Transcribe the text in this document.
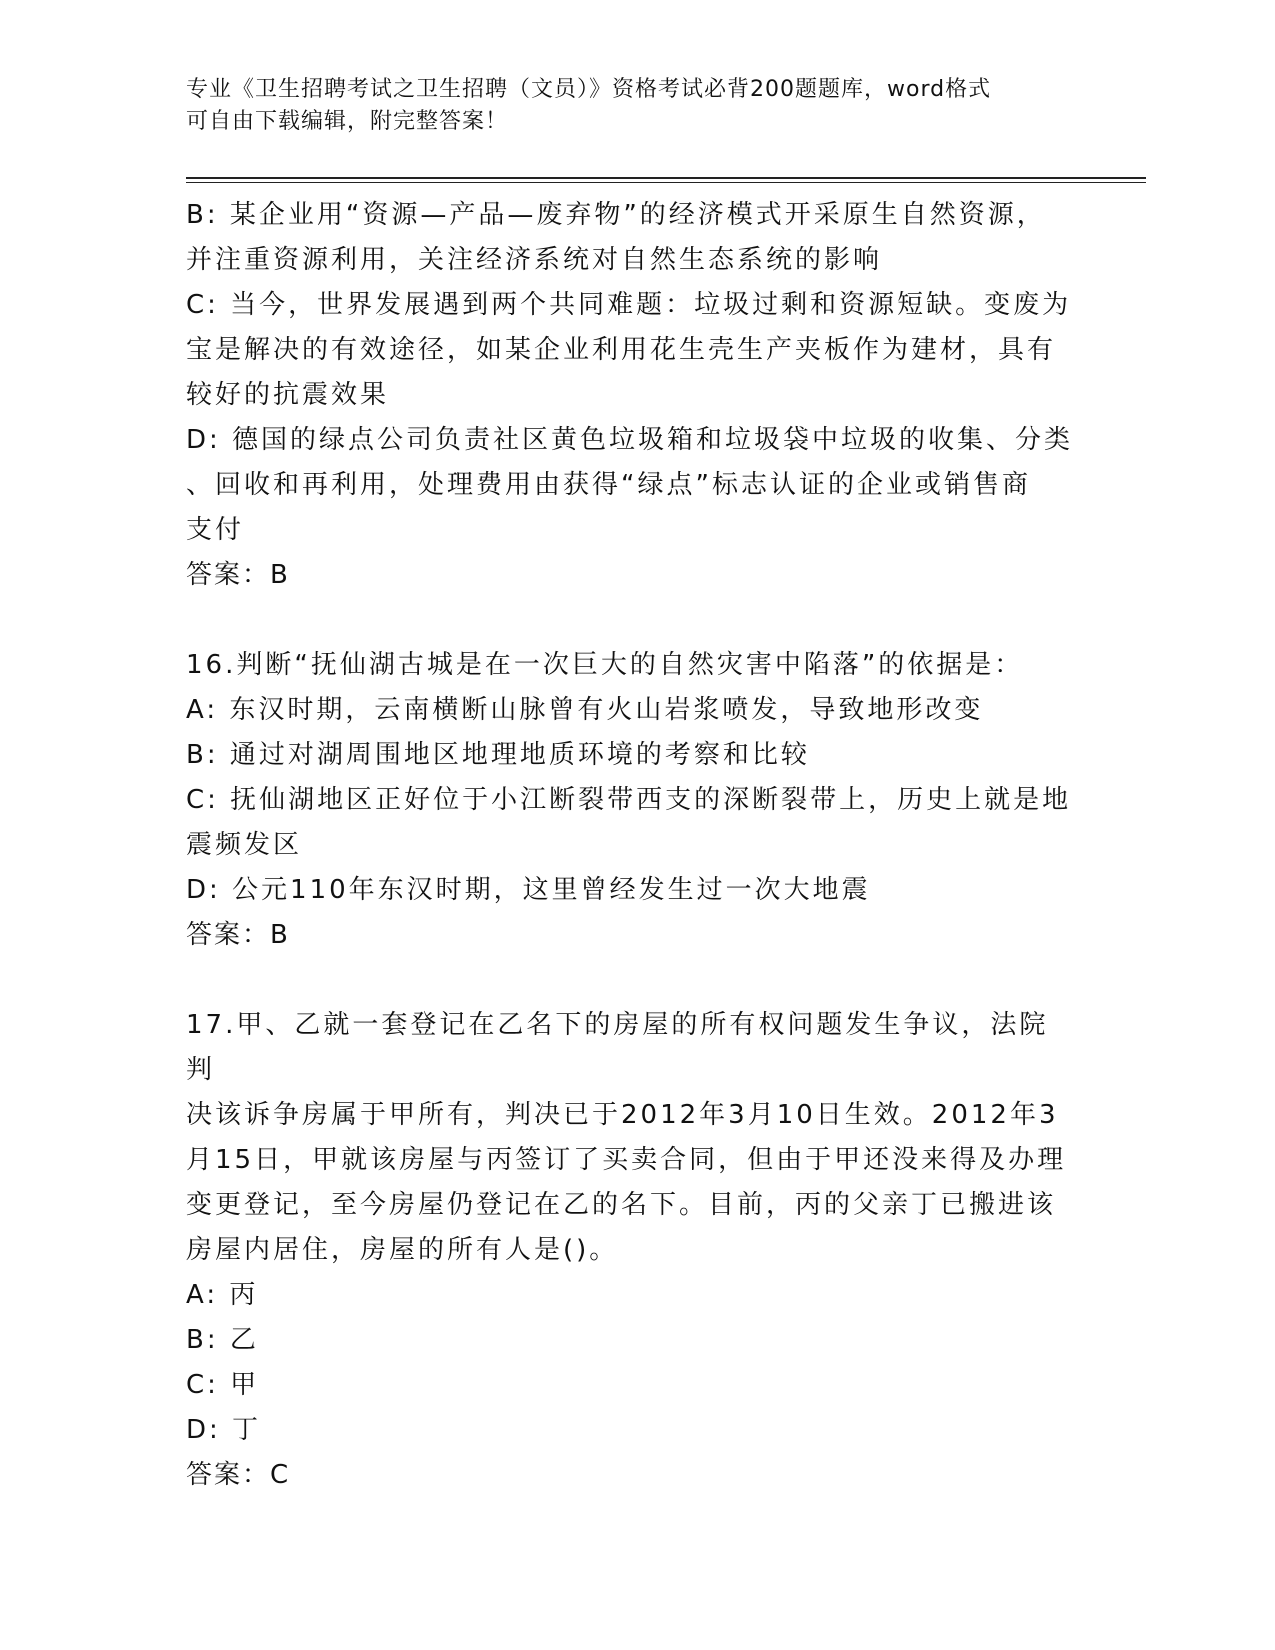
专业《卫生招聘考试之卫生招聘（文员）》资格考试必背200题题库，word格式
可自由下载编辑，附完整答案！

B: 某企业用“资源—产品—废弃物”的经济模式开采原生自然资源，

并注重资源利用，关注经济系统对自然生态系统的影响

C: 当今，世界发展遇到两个共同难题：垃圾过剩和资源短缺。变废为

宝是解决的有效途径，如某企业利用花生壳生产夹板作为建材，具有

较好的抗震效果

D: 德国的绿点公司负责社区黄色垃圾箱和垃圾袋中垃圾的收集、分类

、回收和再利用，处理费用由获得“绿点”标志认证的企业或销售商

支付

答案：B

16.判断“抚仙湖古城是在一次巨大的自然灾害中陷落”的依据是：

A: 东汉时期，云南横断山脉曾有火山岩浆喷发，导致地形改变

B: 通过对湖周围地区地理地质环境的考察和比较

C: 抚仙湖地区正好位于小江断裂带西支的深断裂带上，历史上就是地

震频发区

D: 公元110年东汉时期，这里曾经发生过一次大地震

答案：B

17.甲、乙就一套登记在乙名下的房屋的所有权问题发生争议，法院判

决该诉争房属于甲所有，判决已于2012年3月10日生效。2012年3

月15日，甲就该房屋与丙签订了买卖合同，但由于甲还没来得及办理

变更登记，至今房屋仍登记在乙的名下。目前，丙的父亲丁已搬进该

房屋内居住，房屋的所有人是()。

A: 丙

B: 乙

C: 甲

D: 丁

答案：C
